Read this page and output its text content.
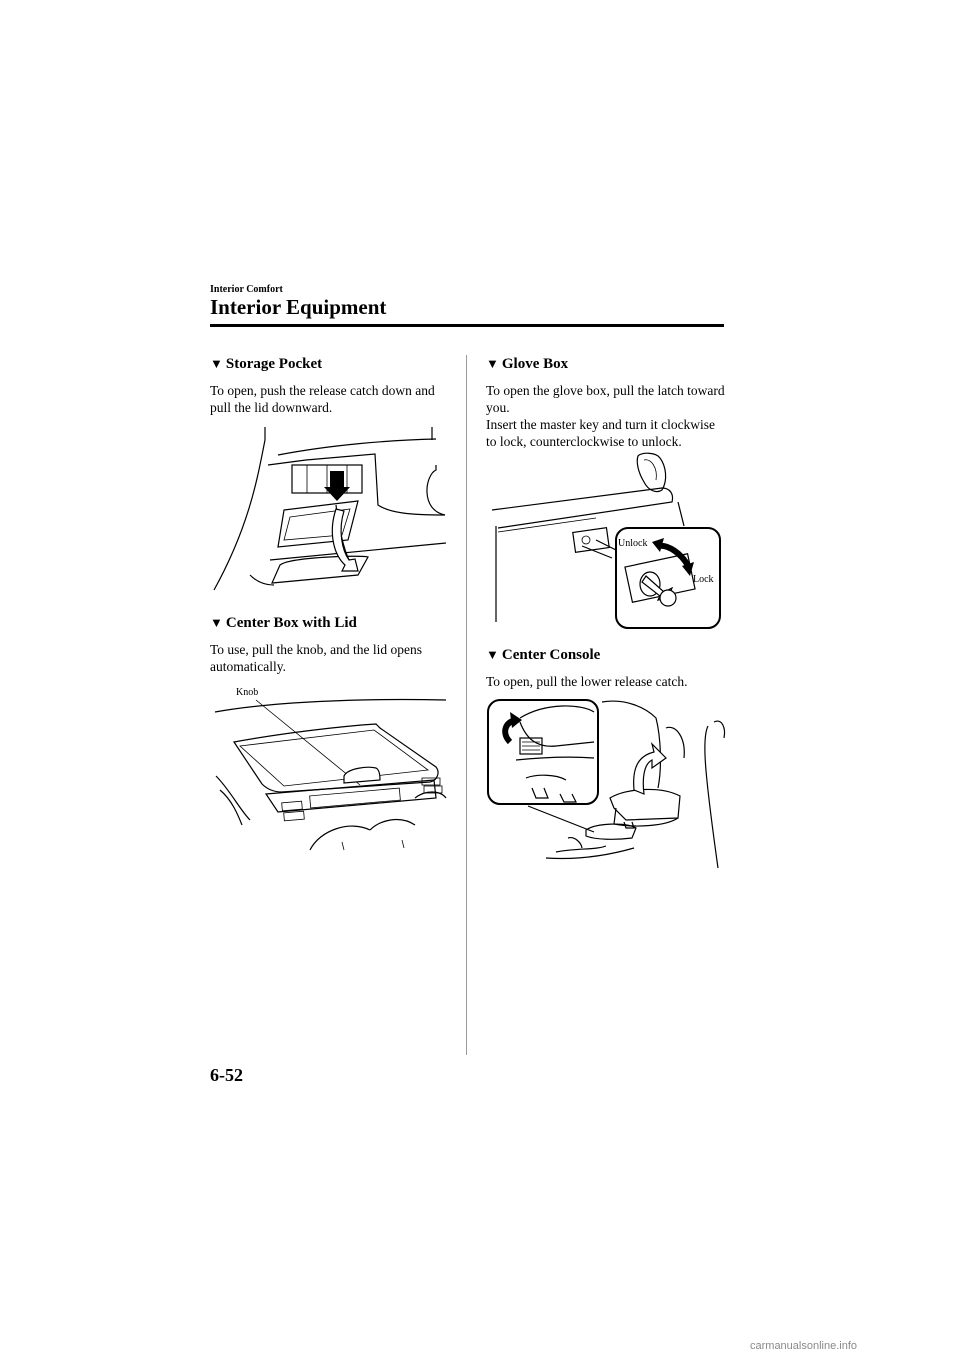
Interior Comfort
Interior Equipment
▼ Storage Pocket
To open, push the release catch down and pull the lid downward.
▼ Center Box with Lid
To use, pull the knob, and the lid opens automatically.
Knob
▼ Glove Box
To open the glove box, pull the latch toward you.
Insert the master key and turn it clockwise to lock, counterclockwise to unlock.
Unlock
Lock
▼ Center Console
To open, pull the lower release catch.
6-52
carmanualsonline.info
